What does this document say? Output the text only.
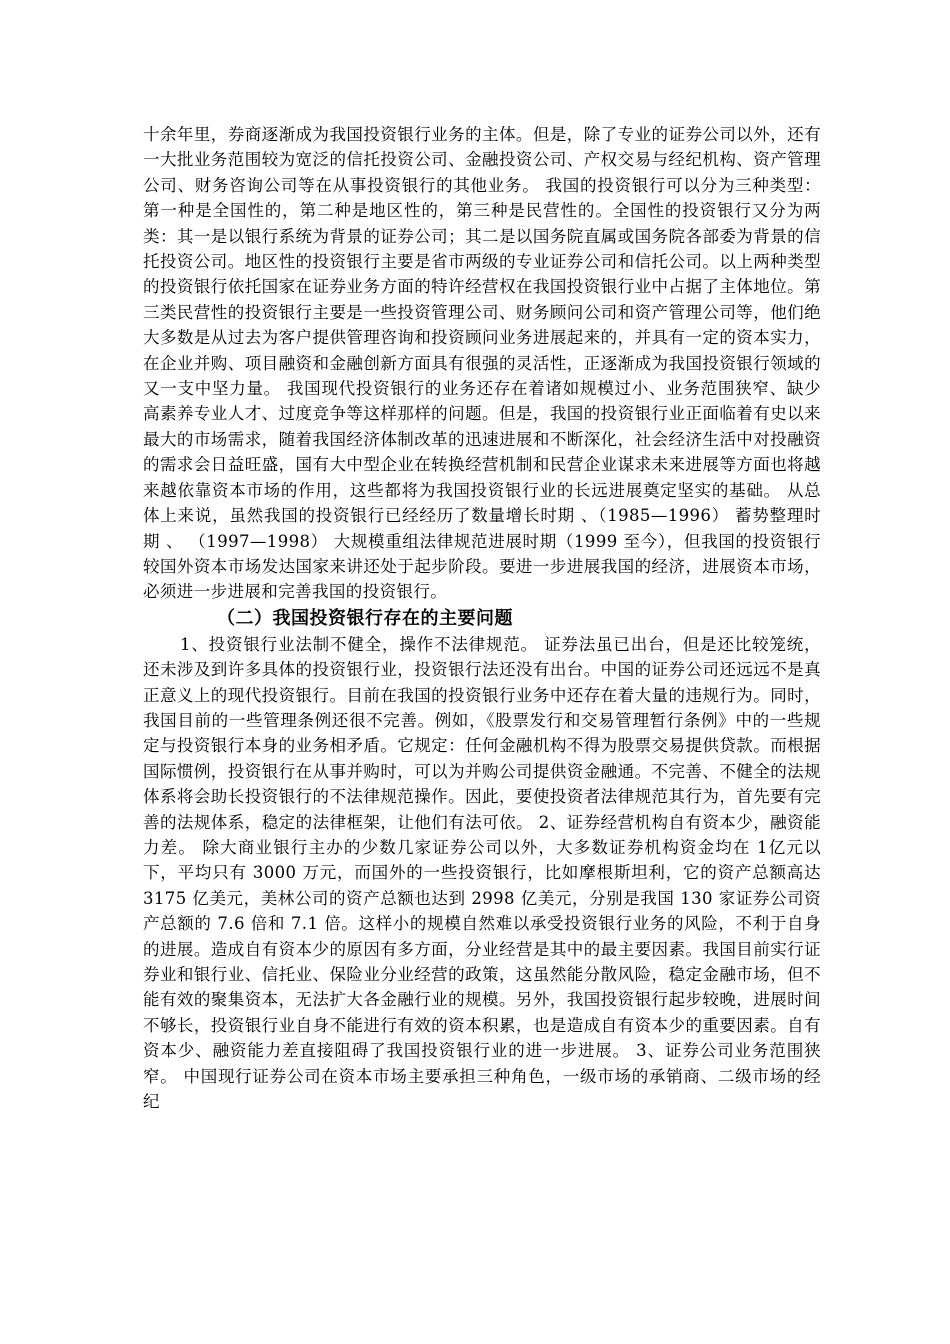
十余年里，券商逐渐成为我国投资银行业务的主体。但是，除了专业的证券公司以外，还有一大批业务范围较为宽泛的信托投资公司、金融投资公司、产权交易与经纪机构、资产管理公司、财务咨询公司等在从事投资银行的其他业务。 我国的投资银行可以分为三种类型：第一种是全国性的，第二种是地区性的，第三种是民营性的。全国性的投资银行又分为两类：其一是以银行系统为背景的证券公司；其二是以国务院直属或国务院各部委为背景的信托投资公司。地区性的投资银行主要是省市两级的专业证券公司和信托公司。以上两种类型的投资银行依托国家在证券业务方面的特许经营权在我国投资银行业中占据了主体地位。第三类民营性的投资银行主要是一些投资管理公司、财务顾问公司和资产管理公司等，他们绝大多数是从过去为客户提供管理咨询和投资顾问业务进展起来的，并具有一定的资本实力，在企业并购、项目融资和金融创新方面具有很强的灵活性，正逐渐成为我国投资银行领域的又一支中坚力量。 我国现代投资银行的业务还存在着诸如规模过小、业务范围狭窄、缺少高素养专业人才、过度竞争等这样那样的问题。但是，我国的投资银行业正面临着有史以来最大的市场需求，随着我国经济体制改革的迅速进展和不断深化，社会经济生活中对投融资的需求会日益旺盛，国有大中型企业在转换经营机制和民营企业谋求未来进展等方面也将越来越依靠资本市场的作用，这些都将为我国投资银行业的长远进展奠定坚实的基础。 从总体上来说，虽然我国的投资银行已经经历了数量增长时期 、（1985—1996） 蓄势整理时期 、 （1997—1998） 大规模重组法律规范进展时期（1999 至今），但我国的投资银行较国外资本市场发达国家来讲还处于起步阶段。要进一步进展我国的经济，进展资本市场，必须进一步进展和完善我国的投资银行。

（二）我国投资银行存在的主要问题

1、投资银行业法制不健全，操作不法律规范。 证券法虽已出台，但是还比较笼统，还未涉及到许多具体的投资银行业，投资银行法还没有出台。中国的证券公司还远远不是真正意义上的现代投资银行。目前在我国的投资银行业务中还存在着大量的违规行为。同时，我国目前的一些管理条例还很不完善。例如，《股票发行和交易管理暂行条例》中的一些规定与投资银行本身的业务相矛盾。它规定：任何金融机构不得为股票交易提供贷款。而根据国际惯例，投资银行在从事并购时，可以为并购公司提供资金融通。不完善、不健全的法规体系将会助长投资银行的不法律规范操作。因此，要使投资者法律规范其行为，首先要有完善的法规体系，稳定的法律框架，让他们有法可依。 2、证券经营机构自有资本少，融资能力差。 除大商业银行主办的少数几家证券公司以外，大多数证券机构资金均在 1亿元以下，平均只有 3000 万元，而国外的一些投资银行，比如摩根斯坦利，它的资产总额高达 3175 亿美元，美林公司的资产总额也达到 2998 亿美元，分别是我国 130 家证券公司资产总额的 7.6 倍和 7.1 倍。这样小的规模自然难以承受投资银行业务的风险，不利于自身的进展。造成自有资本少的原因有多方面，分业经营是其中的最主要因素。我国目前实行证券业和银行业、信托业、保险业分业经营的政策，这虽然能分散风险，稳定金融市场，但不能有效的聚集资本，无法扩大各金融行业的规模。另外，我国投资银行起步较晚，进展时间不够长，投资银行业自身不能进行有效的资本积累，也是造成自有资本少的重要因素。自有资本少、融资能力差直接阻碍了我国投资银行业的进一步进展。 3、证券公司业务范围狭窄。 中国现行证券公司在资本市场主要承担三种角色，一级市场的承销商、二级市场的经纪
